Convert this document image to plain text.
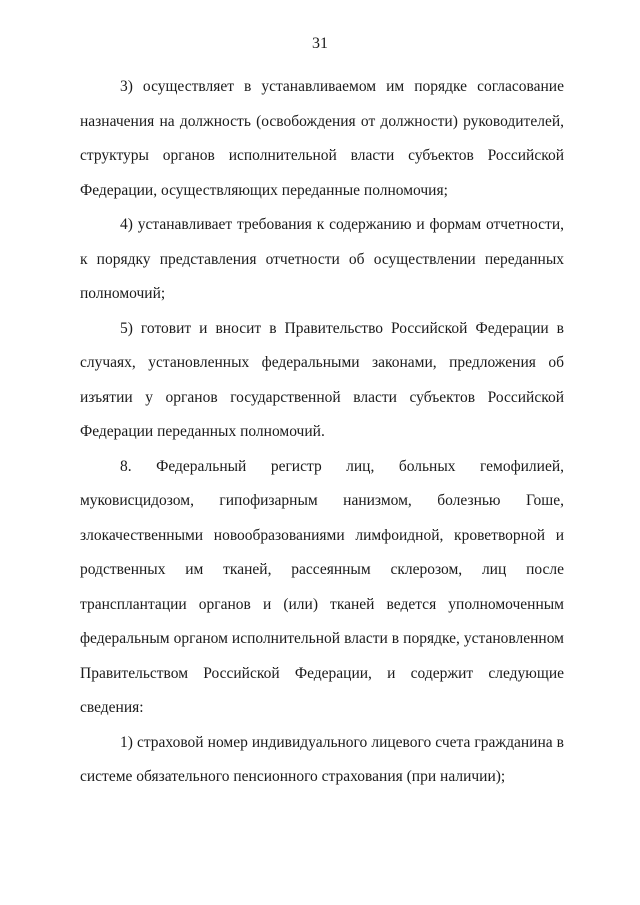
31

3) осуществляет в устанавливаемом им порядке согласование назначения на должность (освобождения от должности) руководителей, структуры органов исполнительной власти субъектов Российской Федерации, осуществляющих переданные полномочия;

4) устанавливает требования к содержанию и формам отчетности, к порядку представления отчетности об осуществлении переданных полномочий;

5) готовит и вносит в Правительство Российской Федерации в случаях, установленных федеральными законами, предложения об изъятии у органов государственной власти субъектов Российской Федерации переданных полномочий.

8. Федеральный регистр лиц, больных гемофилией, муковисцидозом, гипофизарным нанизмом, болезнью Гоше, злокачественными новообразованиями лимфоидной, кроветворной и родственных им тканей, рассеянным склерозом, лиц после трансплантации органов и (или) тканей ведется уполномоченным федеральным органом исполнительной власти в порядке, установленном Правительством Российской Федерации, и содержит следующие сведения:

1) страховой номер индивидуального лицевого счета гражданина в системе обязательного пенсионного страхования (при наличии);
